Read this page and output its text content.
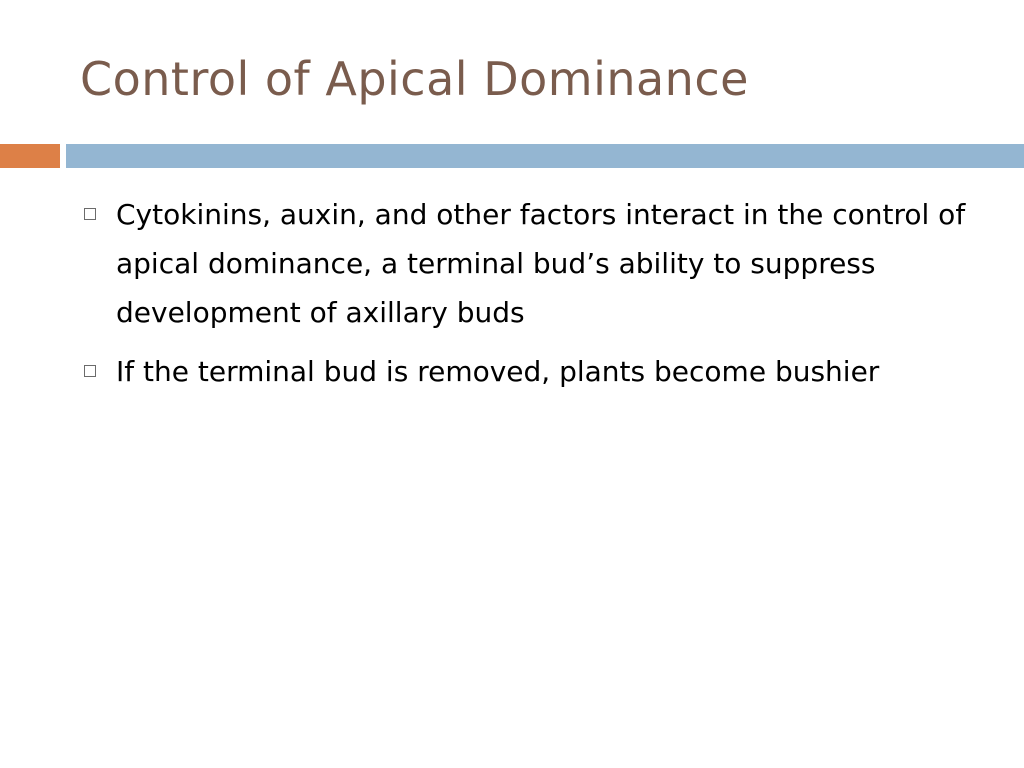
Control of Apical Dominance
Cytokinins, auxin, and other factors interact in the control of apical dominance, a terminal bud’s ability to suppress development of axillary buds
If the terminal bud is removed, plants become bushier
